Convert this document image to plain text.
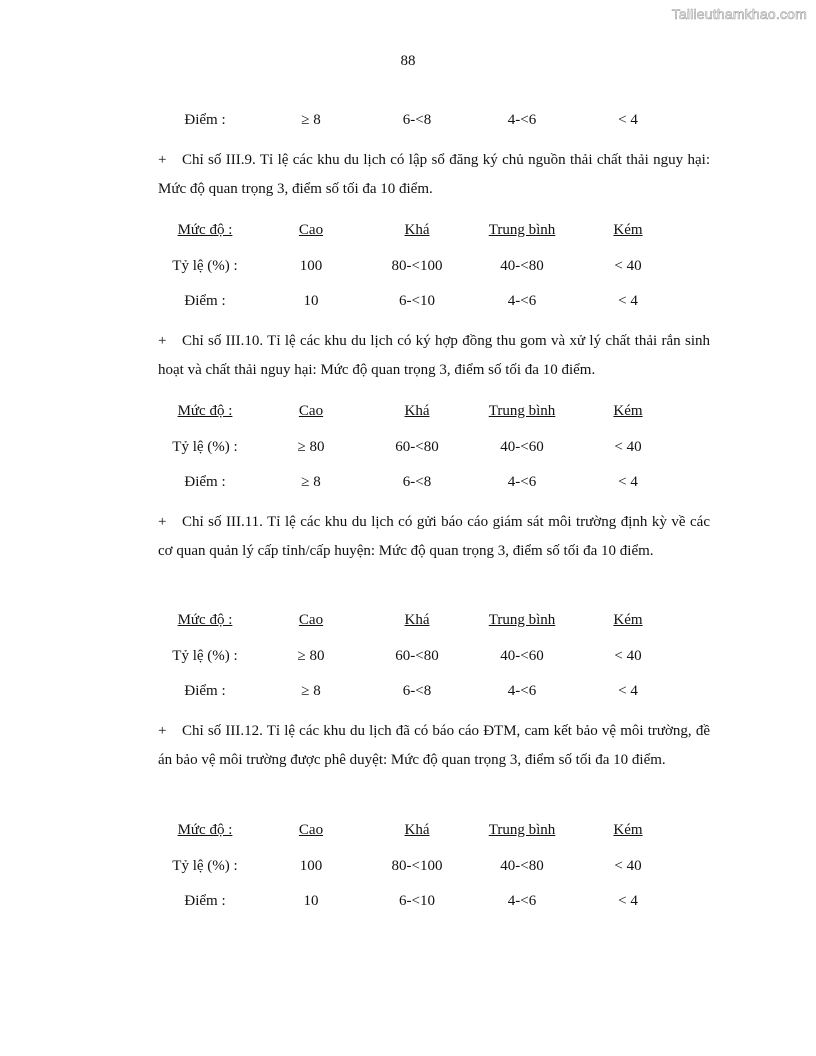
Tailieuthamkhao.com
88
Điểm :	≥ 8	6-<8	4-<6	< 4
+ Chỉ số III.9. Tỉ lệ các khu du lịch có lập sổ đăng ký chủ nguồn thải chất thải nguy hại: Mức độ quan trọng 3, điểm số tối đa 10 điểm.
Mức độ :	Cao	Khá	Trung bình	Kém
Tỷ lệ (%) :	100	80-<100	40-<80	< 40
Điểm :	10	6-<10	4-<6	< 4
+ Chỉ số III.10. Tỉ lệ các khu du lịch có ký hợp đồng thu gom và xử lý chất thải rắn sinh hoạt và chất thải nguy hại: Mức độ quan trọng 3, điểm số tối đa 10 điểm.
Mức độ :	Cao	Khá	Trung bình	Kém
Tỷ lệ (%) :	≥ 80	60-<80	40-<60	< 40
Điểm :	≥ 8	6-<8	4-<6	< 4
+ Chỉ số III.11. Tỉ lệ các khu du lịch có gửi báo cáo giám sát môi trường định kỳ về các cơ quan quản lý cấp tỉnh/cấp huyện: Mức độ quan trọng 3, điểm số tối đa 10 điểm.
Mức độ :	Cao	Khá	Trung bình	Kém
Tỷ lệ (%) :	≥ 80	60-<80	40-<60	< 40
Điểm :	≥ 8	6-<8	4-<6	< 4
+ Chỉ số III.12. Tỉ lệ các khu du lịch đã có báo cáo ĐTM, cam kết bảo vệ môi trường, đề án bảo vệ môi trường được phê duyệt: Mức độ quan trọng 3, điểm số tối đa 10 điểm.
Mức độ :	Cao	Khá	Trung bình	Kém
Tỷ lệ (%) :	100	80-<100	40-<80	< 40
Điểm :	10	6-<10	4-<6	< 4
